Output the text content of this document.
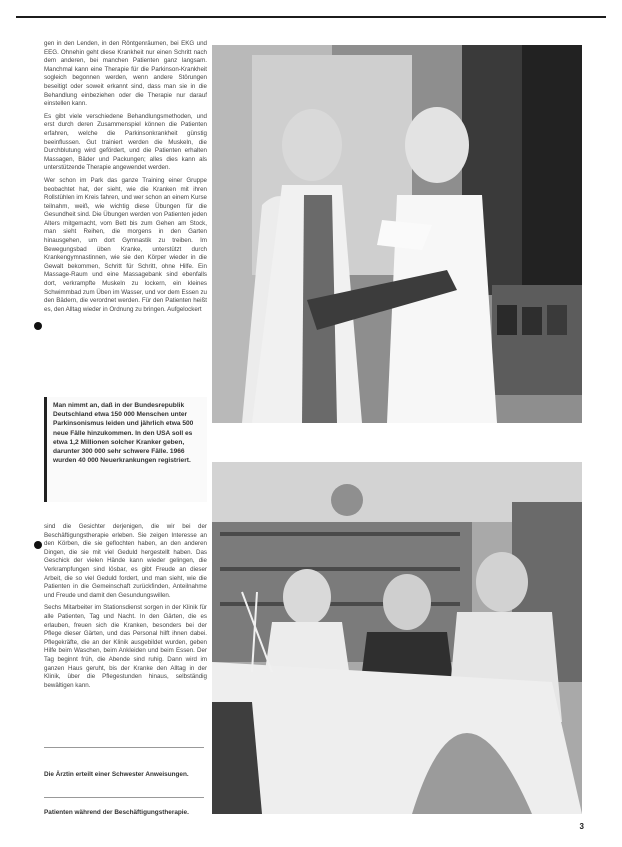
gen in den Lenden, in den Röntgenräumen, bei EKG und EEG. Ohnehin geht diese Krankheit nur einen Schritt nach dem anderen, bei manchen Patienten ganz langsam. Manchmal kann eine Therapie für die Parkinson-Krankheit sogleich begonnen werden, wenn andere Störungen beseitigt oder soweit erkannt sind, dass man sie in die Behandlung einbeziehen oder die Therapie nur darauf einstellen kann.

Es gibt viele verschiedene Behandlungsmethoden, und erst durch deren Zusammenspiel können die Patienten erfahren, welche die Parkinsonkrankheit günstig beeinflussen. Gut trainiert werden die Muskeln, die Durchblutung wird gefördert, und die Patienten erhalten Massagen, Bäder und Packungen; alles dies kann als unterstützende Therapie angewendet werden.

Wer schon im Park das ganze Training einer Gruppe beobachtet hat, der sieht, wie die Kranken mit ihren Rollstühlen im Kreis fahren, und wer schon an einem Kurse teilnahm, weiß, wie wichtig diese Übungen für die Gesundheit sind. Die Übungen werden von Patienten jeden Alters mitgemacht, vom Bett bis zum Gehen am Stock, man sieht Reihen, die morgens in den Garten hinausgehen, um dort Gymnastik zu treiben. Im Bewegungsbad üben Kranke, unterstützt durch Krankengymnastinnen, wie sie den Körper wieder in die Gewalt bekommen, Schritt für Schritt, ohne Hilfe. Ein Massage-Raum und eine Massagebank sind ebenfalls dort, verkrampfte Muskeln zu lockern, ein kleines Schwimmbad zum Üben im Wasser, und vor dem Essen zu den Bädern, die verordnet werden. Für den Patienten heißt es, den Alltag wieder in Ordnung zu bringen. Aufgelockert

Man nimmt an, daß in der Bundesrepublik Deutschland etwa 150 000 Menschen unter Parkinsonismus leiden und jährlich etwa 500 neue Fälle hinzukommen. In den USA soll es etwa 1,2 Millionen solcher Kranker geben, darunter 300 000 sehr schwere Fälle. 1966 wurden 40 000 Neuerkrankungen registriert.

sind die Gesichter derjenigen, die wir bei der Beschäftigungstherapie erleben. Sie zeigen Interesse an den Körben, die sie geflochten haben, an den anderen Dingen, die sie mit viel Geduld hergestellt haben. Das Geschick der vielen Hände kann wieder gelingen, die Verkrampfungen sind lösbar, es gibt Freude an dieser Arbeit, die so viel Geduld fordert, und man sieht, wie die Patienten in die Gemeinschaft zurückfinden, Anteilnahme und Freude und damit den Gesundungswillen.

Sechs Mitarbeiter im Stationsdienst sorgen in der Klinik für alle Patienten, Tag und Nacht. In den Gärten, die es erlauben, freuen sich die Kranken, besonders bei der Pflege dieser Gärten, und das Personal hilft ihnen dabei. Pflegekräfte, die an der Klinik ausgebildet wurden, geben Hilfe beim Waschen, beim Ankleiden und beim Essen. Der Tag beginnt früh, die Abende sind ruhig. Dann wird im ganzen Haus geruht, bis der Kranke den Alltag in der Klinik, über die Pflegestunden hinaus, selbständig bewältigen kann.

Die Ärztin erteilt einer Schwester Anweisungen.
Patienten während der Beschäftigungstherapie.
3
